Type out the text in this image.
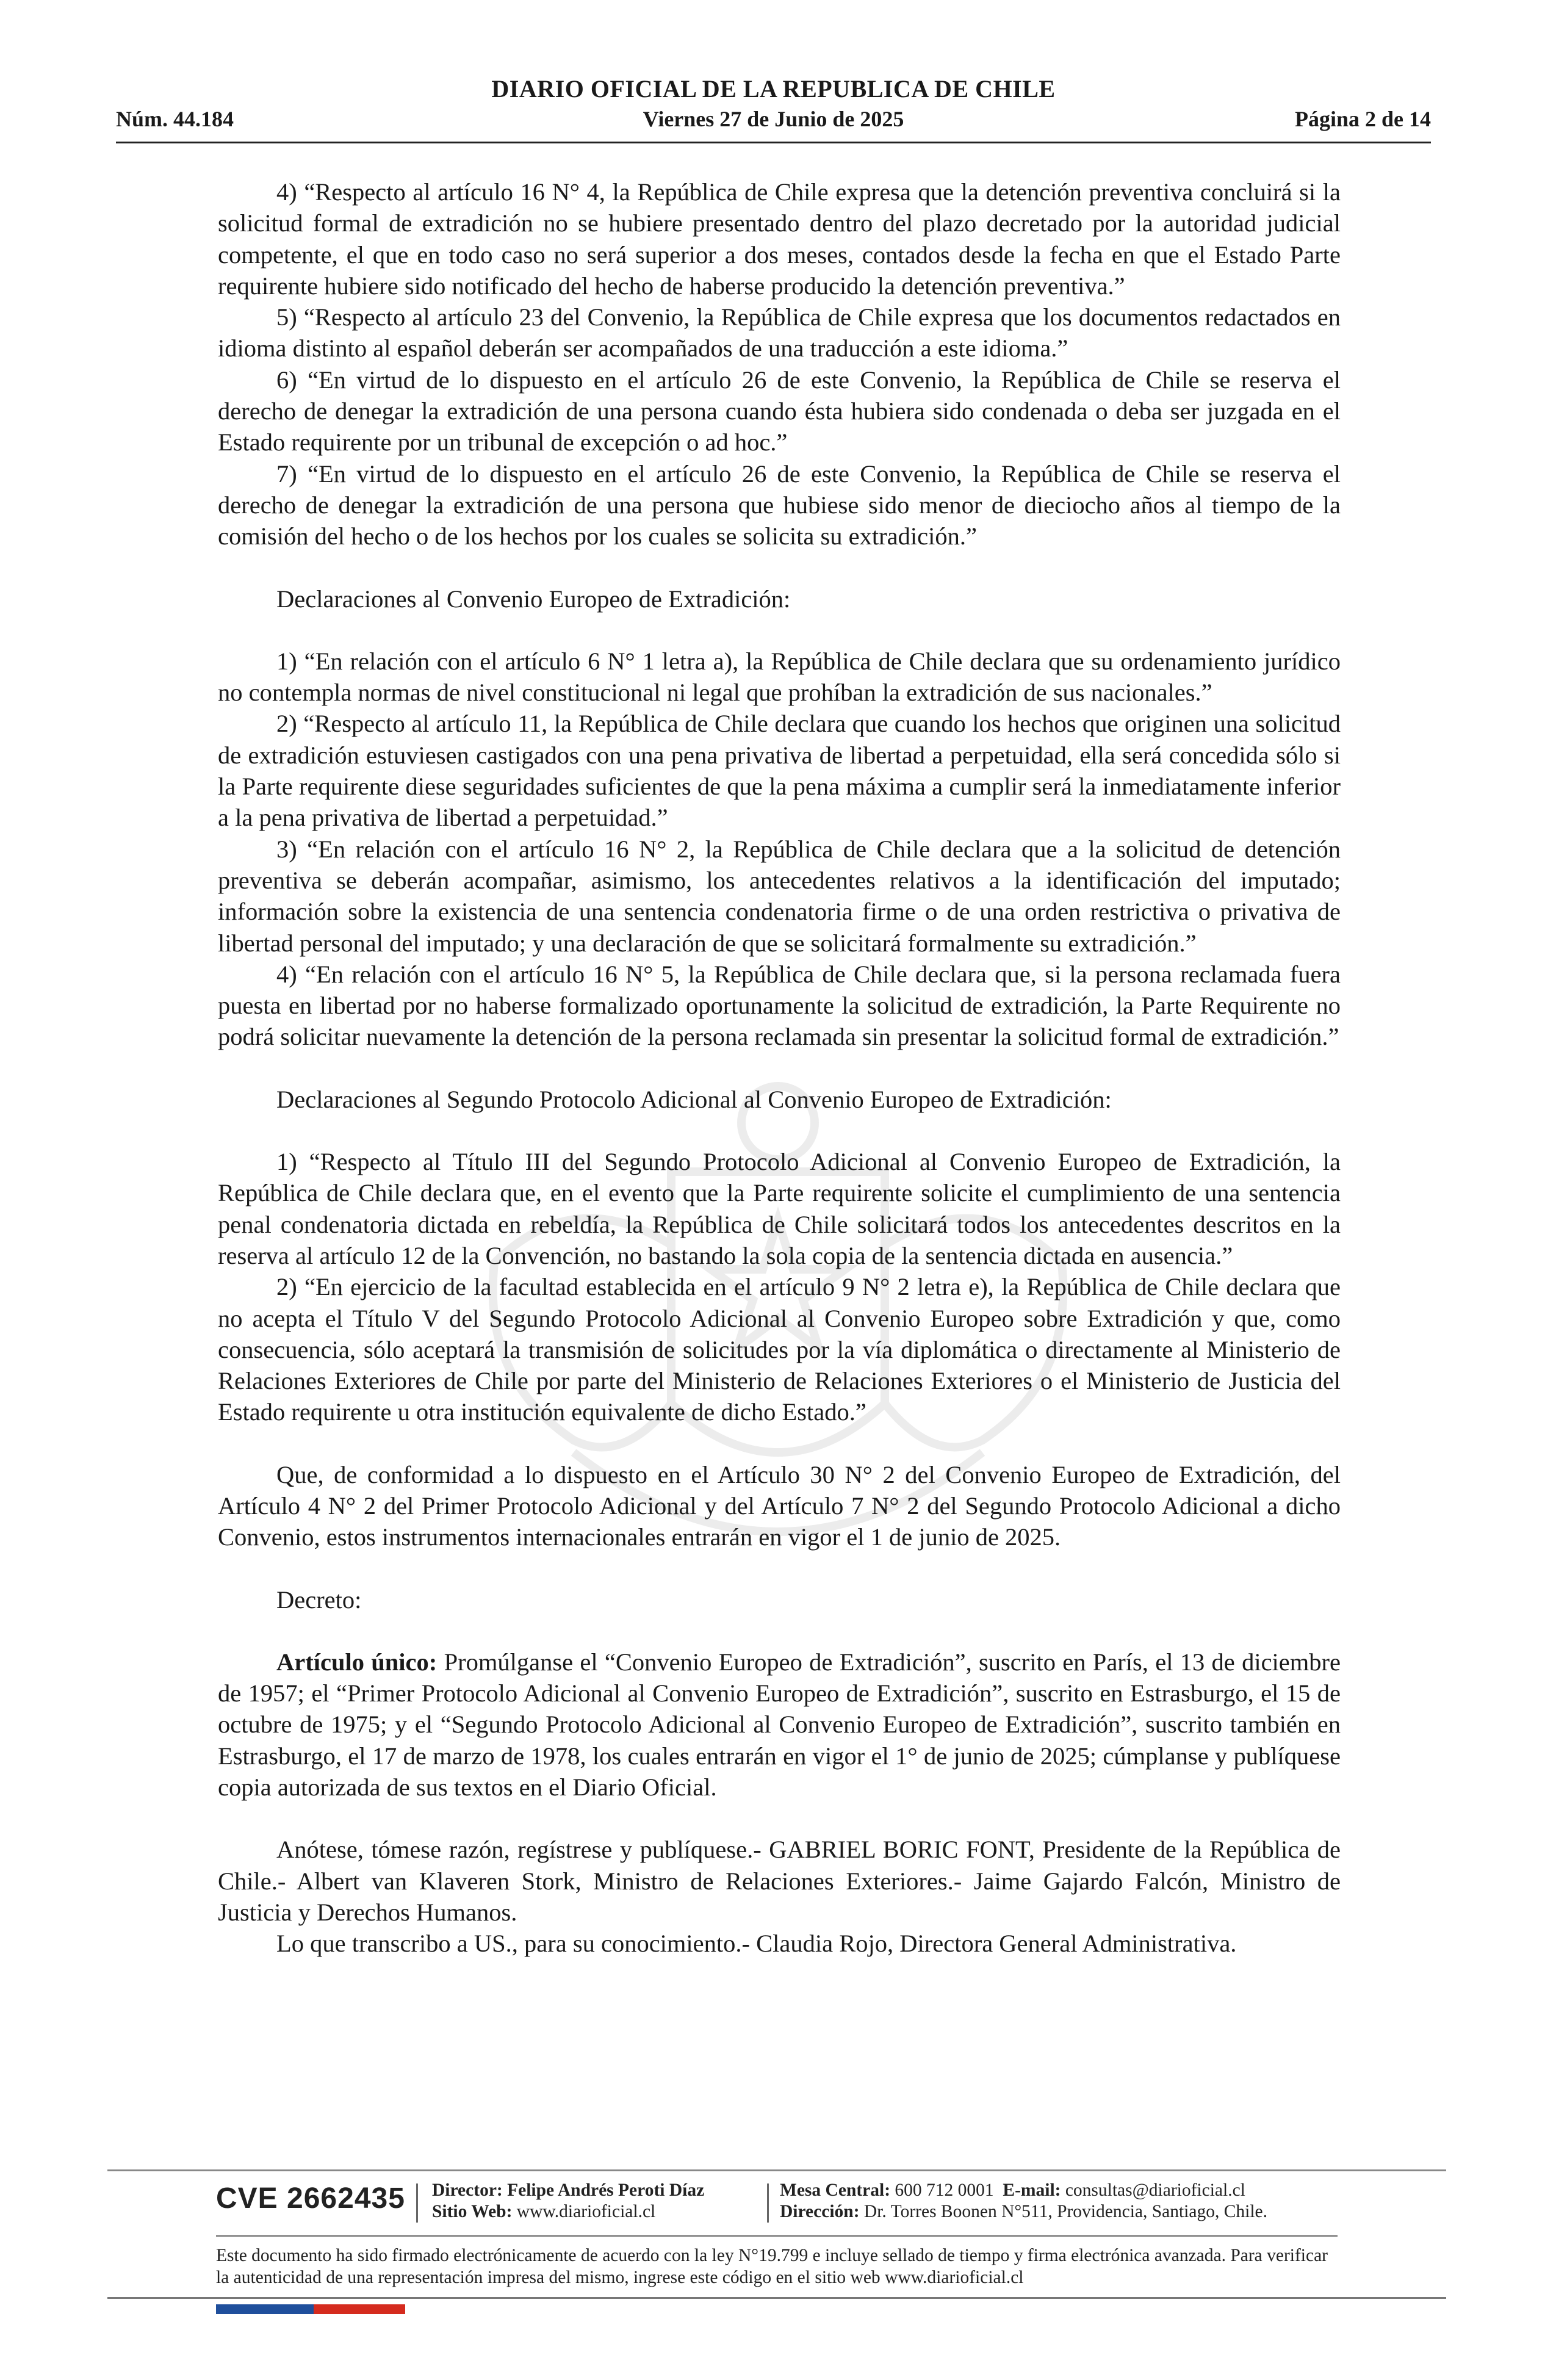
DIARIO OFICIAL DE LA REPUBLICA DE CHILE
Núm. 44.184	Viernes 27 de Junio de 2025	Página 2 de 14

4) “Respecto al artículo 16 N° 4, la República de Chile expresa que la detención preventiva concluirá si la solicitud formal de extradición no se hubiere presentado dentro del plazo decretado por la autoridad judicial competente, el que en todo caso no será superior a dos meses, contados desde la fecha en que el Estado Parte requirente hubiere sido notificado del hecho de haberse producido la detención preventiva.”

5) “Respecto al artículo 23 del Convenio, la República de Chile expresa que los documentos redactados en idioma distinto al español deberán ser acompañados de una traducción a este idioma.”

6) “En virtud de lo dispuesto en el artículo 26 de este Convenio, la República de Chile se reserva el derecho de denegar la extradición de una persona cuando ésta hubiera sido condenada o deba ser juzgada en el Estado requirente por un tribunal de excepción o ad hoc.”

7) “En virtud de lo dispuesto en el artículo 26 de este Convenio, la República de Chile se reserva el derecho de denegar la extradición de una persona que hubiese sido menor de dieciocho años al tiempo de la comisión del hecho o de los hechos por los cuales se solicita su extradición.”

Declaraciones al Convenio Europeo de Extradición:

1) “En relación con el artículo 6 N° 1 letra a), la República de Chile declara que su ordenamiento jurídico no contempla normas de nivel constitucional ni legal que prohíban la extradición de sus nacionales.”

2) “Respecto al artículo 11, la República de Chile declara que cuando los hechos que originen una solicitud de extradición estuviesen castigados con una pena privativa de libertad a perpetuidad, ella será concedida sólo si la Parte requirente diese seguridades suficientes de que la pena máxima a cumplir será la inmediatamente inferior a la pena privativa de libertad a perpetuidad.”

3) “En relación con el artículo 16 N° 2, la República de Chile declara que a la solicitud de detención preventiva se deberán acompañar, asimismo, los antecedentes relativos a la identificación del imputado; información sobre la existencia de una sentencia condenatoria firme o de una orden restrictiva o privativa de libertad personal del imputado; y una declaración de que se solicitará formalmente su extradición.”

4) “En relación con el artículo 16 N° 5, la República de Chile declara que, si la persona reclamada fuera puesta en libertad por no haberse formalizado oportunamente la solicitud de extradición, la Parte Requirente no podrá solicitar nuevamente la detención de la persona reclamada sin presentar la solicitud formal de extradición.”

Declaraciones al Segundo Protocolo Adicional al Convenio Europeo de Extradición:

1) “Respecto al Título III del Segundo Protocolo Adicional al Convenio Europeo de Extradición, la República de Chile declara que, en el evento que la Parte requirente solicite el cumplimiento de una sentencia penal condenatoria dictada en rebeldía, la República de Chile solicitará todos los antecedentes descritos en la reserva al artículo 12 de la Convención, no bastando la sola copia de la sentencia dictada en ausencia.”

2) “En ejercicio de la facultad establecida en el artículo 9 N° 2 letra e), la República de Chile declara que no acepta el Título V del Segundo Protocolo Adicional al Convenio Europeo sobre Extradición y que, como consecuencia, sólo aceptará la transmisión de solicitudes por la vía diplomática o directamente al Ministerio de Relaciones Exteriores de Chile por parte del Ministerio de Relaciones Exteriores o el Ministerio de Justicia del Estado requirente u otra institución equivalente de dicho Estado.”

Que, de conformidad a lo dispuesto en el Artículo 30 N° 2 del Convenio Europeo de Extradición, del Artículo 4 N° 2 del Primer Protocolo Adicional y del Artículo 7 N° 2 del Segundo Protocolo Adicional a dicho Convenio, estos instrumentos internacionales entrarán en vigor el 1 de junio de 2025.

Decreto:

Artículo único: Promúlganse el “Convenio Europeo de Extradición”, suscrito en París, el 13 de diciembre de 1957; el “Primer Protocolo Adicional al Convenio Europeo de Extradición”, suscrito en Estrasburgo, el 15 de octubre de 1975; y el “Segundo Protocolo Adicional al Convenio Europeo de Extradición”, suscrito también en Estrasburgo, el 17 de marzo de 1978, los cuales entrarán en vigor el 1° de junio de 2025; cúmplanse y publíquese copia autorizada de sus textos en el Diario Oficial.

Anótese, tómese razón, regístrese y publíquese.- GABRIEL BORIC FONT, Presidente de la República de Chile.- Albert van Klaveren Stork, Ministro de Relaciones Exteriores.- Jaime Gajardo Falcón, Ministro de Justicia y Derechos Humanos.

Lo que transcribo a US., para su conocimiento.- Claudia Rojo, Directora General Administrativa.

CVE 2662435 Director: Felipe Andrés Peroti Díaz
Sitio Web: www.diarioficial.cl
Mesa Central: 600 712 0001 E-mail: consultas@diarioficial.cl
Dirección: Dr. Torres Boonen N°511, Providencia, Santiago, Chile.
Este documento ha sido firmado electrónicamente de acuerdo con la ley N°19.799 e incluye sellado de tiempo y firma electrónica avanzada. Para verificar la autenticidad de una representación impresa del mismo, ingrese este código en el sitio web www.diarioficial.cl
